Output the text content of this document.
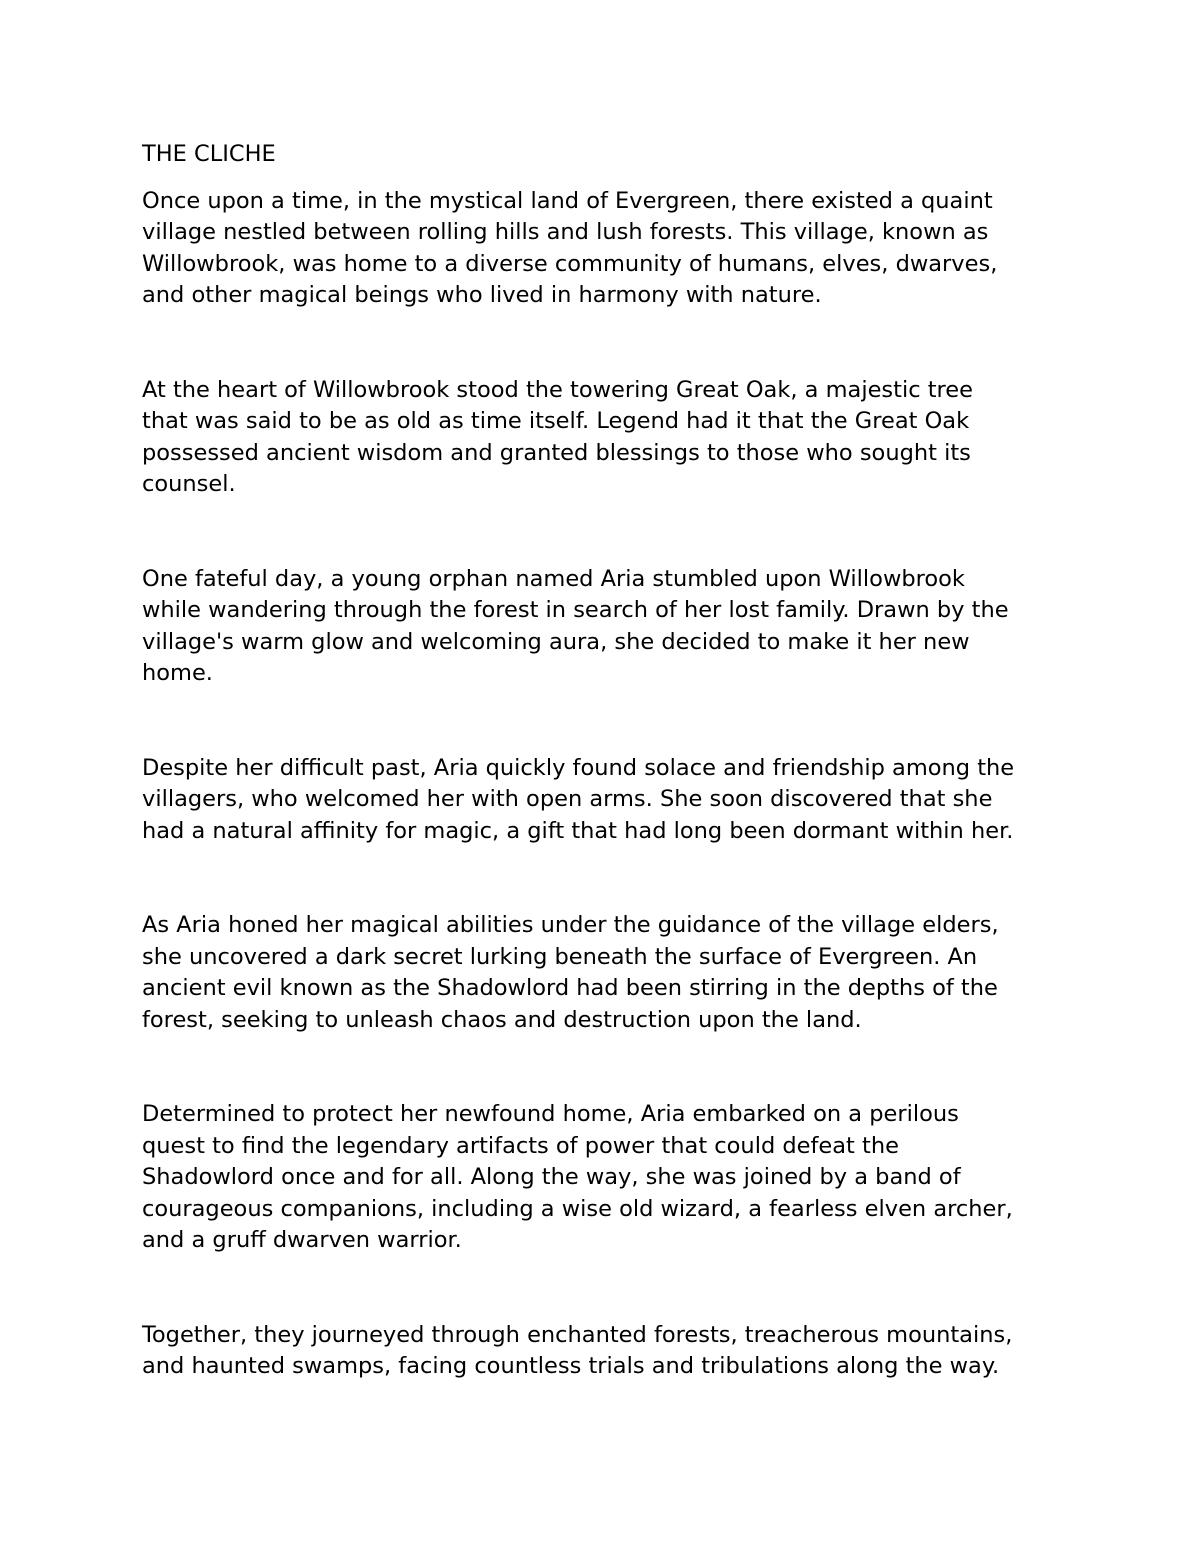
THE CLICHE

Once upon a time, in the mystical land of Evergreen, there existed a quaint
village nestled between rolling hills and lush forests. This village, known as
Willowbrook, was home to a diverse community of humans, elves, dwarves,
and other magical beings who lived in harmony with nature.

At the heart of Willowbrook stood the towering Great Oak, a majestic tree
that was said to be as old as time itself. Legend had it that the Great Oak
possessed ancient wisdom and granted blessings to those who sought its
counsel.

One fateful day, a young orphan named Aria stumbled upon Willowbrook
while wandering through the forest in search of her lost family. Drawn by the
village's warm glow and welcoming aura, she decided to make it her new
home.

Despite her difficult past, Aria quickly found solace and friendship among the
villagers, who welcomed her with open arms. She soon discovered that she
had a natural affinity for magic, a gift that had long been dormant within her.

As Aria honed her magical abilities under the guidance of the village elders,
she uncovered a dark secret lurking beneath the surface of Evergreen. An
ancient evil known as the Shadowlord had been stirring in the depths of the
forest, seeking to unleash chaos and destruction upon the land.

Determined to protect her newfound home, Aria embarked on a perilous
quest to find the legendary artifacts of power that could defeat the
Shadowlord once and for all. Along the way, she was joined by a band of
courageous companions, including a wise old wizard, a fearless elven archer,
and a gruff dwarven warrior.

Together, they journeyed through enchanted forests, treacherous mountains,
and haunted swamps, facing countless trials and tribulations along the way.
